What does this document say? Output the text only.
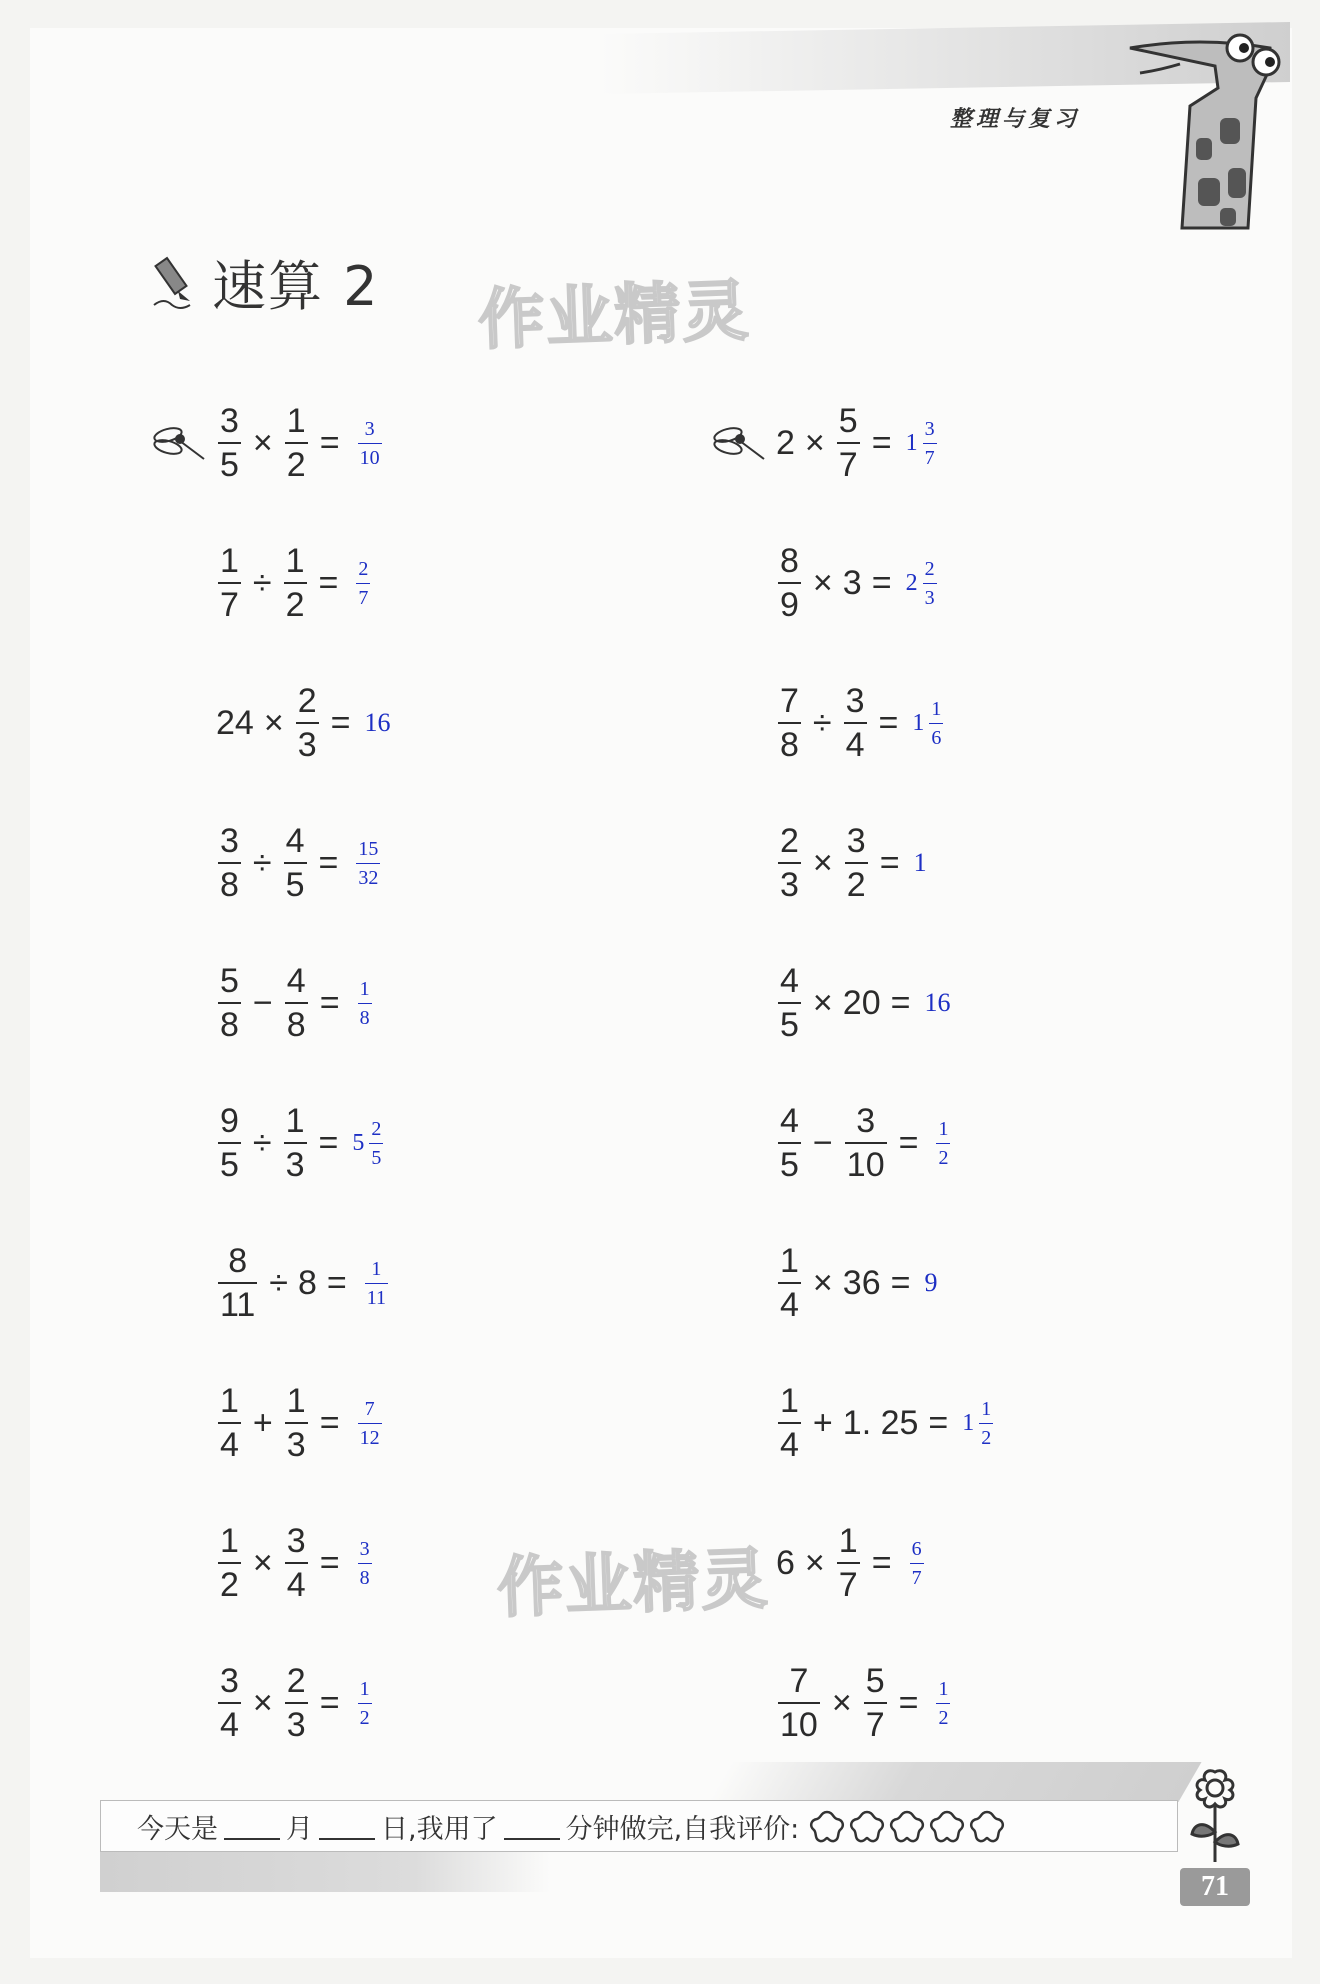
整理与复习
速算 2 作业精灵
作业精灵
$\frac{3}{5} \times \frac{1}{2} = \frac{3}{10}$
$\frac{1}{7} \div \frac{1}{2} = \frac{2}{7}$
$24 \times \frac{2}{3} = 16$
$\frac{3}{8} \div \frac{4}{5} = \frac{15}{32}$
$\frac{5}{8} - \frac{4}{8} = \frac{1}{8}$
$\frac{9}{5} \div \frac{1}{3} = 5 \frac{2}{5}$
$\frac{8}{11} \div 8 = \frac{1}{11}$
$\frac{1}{4} + \frac{1}{3} = \frac{7}{12}$
$\frac{1}{2} \times \frac{3}{4} = \frac{3}{8}$
$\frac{3}{4} \times \frac{2}{3} = \frac{1}{2}$
$2 \times \frac{5}{7} = 1 \frac{3}{7}$
$\frac{8}{9} \times 3 = 2 \frac{2}{3}$
$\frac{7}{8} \div \frac{3}{4} = 1 \frac{1}{6}$
$\frac{2}{3} \times \frac{3}{2} = 1$
$\frac{4}{5} \times 20 = 16$
$\frac{4}{5} - \frac{3}{10} = \frac{1}{2}$
$\frac{1}{4} \times 36 = 9$
$\frac{1}{4} + 1$. $25 = 1 \frac{1}{2}$
$6 \times \frac{1}{7} = \frac{6}{7}$
$\frac{7}{10} \times \frac{5}{7} = \frac{1}{2}$
今天是	月	日,我用了	分钟做完,自我评价:
71
